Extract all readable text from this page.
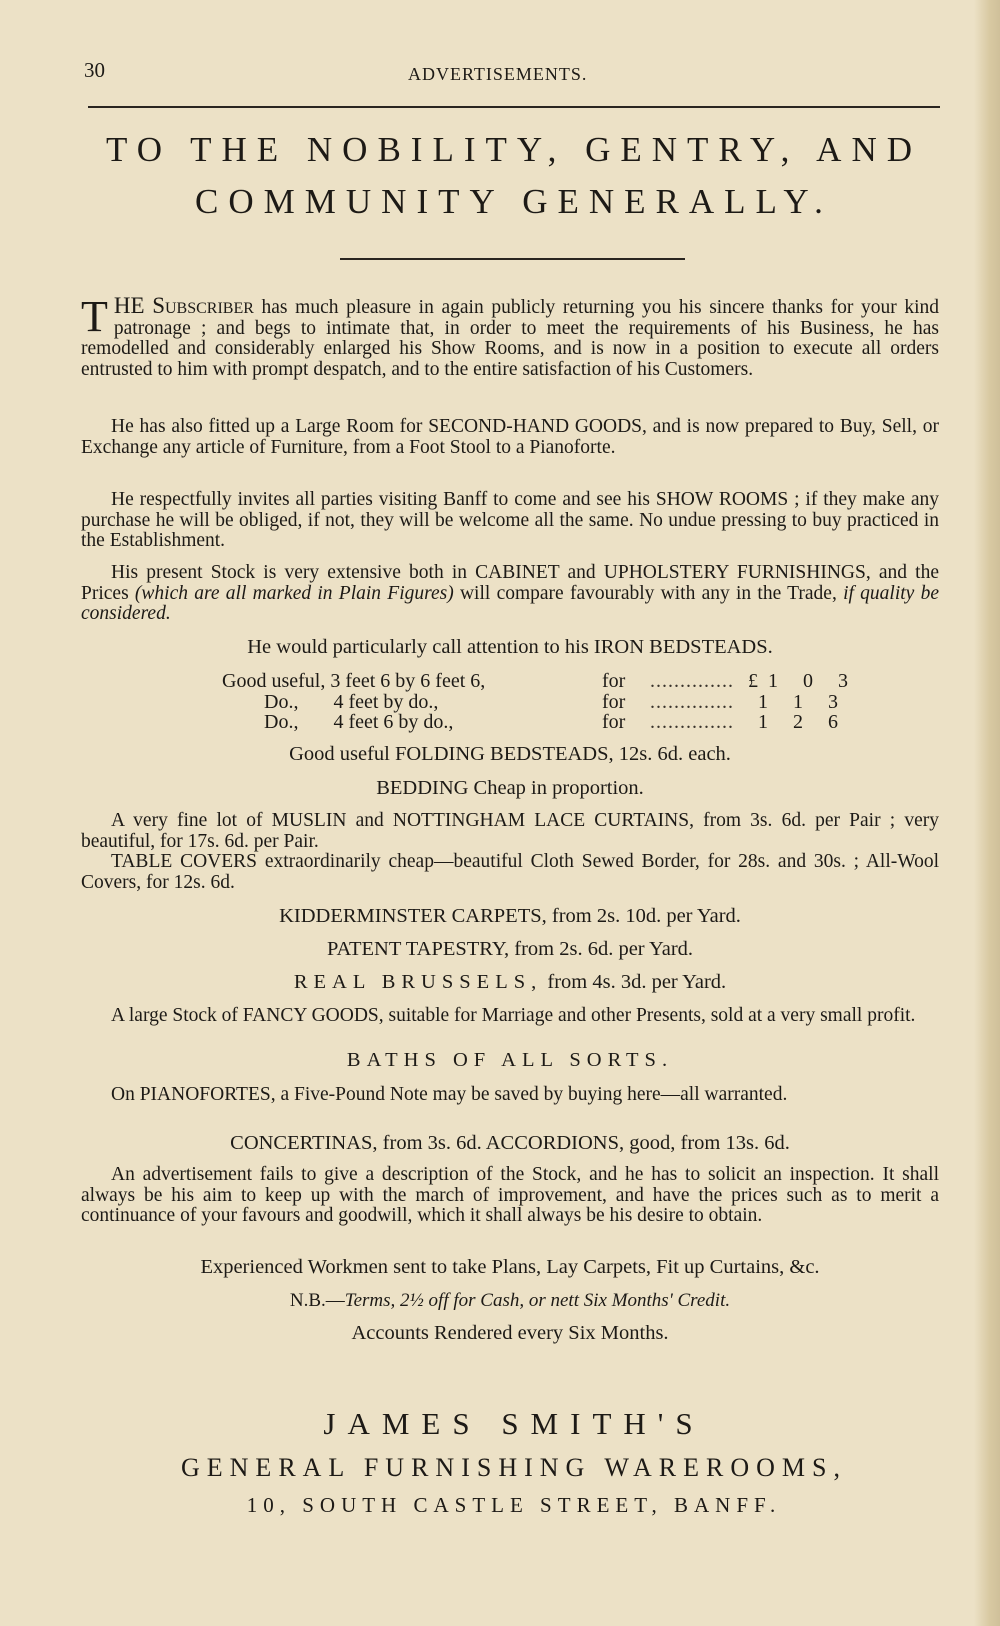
30	ADVERTISEMENTS.
TO THE NOBILITY, GENTRY, AND
COMMUNITY GENERALLY.
THE Subscriber has much pleasure in again publicly returning you his sincere thanks for your kind patronage ; and begs to intimate that, in order to meet the requirements of his Business, he has remodelled and considerably enlarged his Show Rooms, and is now in a position to execute all orders entrusted to him with prompt despatch, and to the entire satisfaction of his Customers.
He has also fitted up a Large Room for SECOND-HAND GOODS, and is now prepared to Buy, Sell, or Exchange any article of Furniture, from a Foot Stool to a Pianoforte.
He respectfully invites all parties visiting Banff to come and see his SHOW ROOMS ; if they make any purchase he will be obliged, if not, they will be welcome all the same. No undue pressing to buy practiced in the Establishment.
His present Stock is very extensive both in CABINET and UPHOLSTERY FURNISHINGS, and the Prices (which are all marked in Plain Figures) will compare favourably with any in the Trade, if quality be considered.
He would particularly call attention to his IRON BEDSTEADS.
Good useful, 3 feet 6 by 6 feet 6,	for	.............. £1 0 3
Do.,       4 feet by do.,	for	..............	1 1 3
Do.,       4 feet 6 by do.,	for	..............	1 2 6
Good useful FOLDING BEDSTEADS, 12s. 6d. each.
BEDDING Cheap in proportion.
A very fine lot of MUSLIN and NOTTINGHAM LACE CURTAINS, from 3s. 6d. per Pair ; very beautiful, for 17s. 6d. per Pair.
TABLE COVERS extraordinarily cheap—beautiful Cloth Sewed Border, for 28s. and 30s. ; All-Wool Covers, for 12s. 6d.
KIDDERMINSTER CARPETS, from 2s. 10d. per Yard.
PATENT TAPESTRY, from 2s. 6d. per Yard.
REAL BRUSSELS, from 4s. 3d. per Yard.
A large Stock of FANCY GOODS, suitable for Marriage and other Presents, sold at a very small profit.
BATHS OF ALL SORTS.
On PIANOFORTES, a Five-Pound Note may be saved by buying here—all warranted.
CONCERTINAS, from 3s. 6d. ACCORDIONS, good, from 13s. 6d.
An advertisement fails to give a description of the Stock, and he has to solicit an inspection. It shall always be his aim to keep up with the march of improvement, and have the prices such as to merit a continuance of your favours and goodwill, which it shall always be his desire to obtain.
Experienced Workmen sent to take Plans, Lay Carpets, Fit up Curtains, &c.
N.B.—Terms, 2½ off for Cash, or nett Six Months' Credit.
Accounts Rendered every Six Months.
JAMES SMITH'S
GENERAL FURNISHING WAREROOMS,
10, SOUTH CASTLE STREET, BANFF.
